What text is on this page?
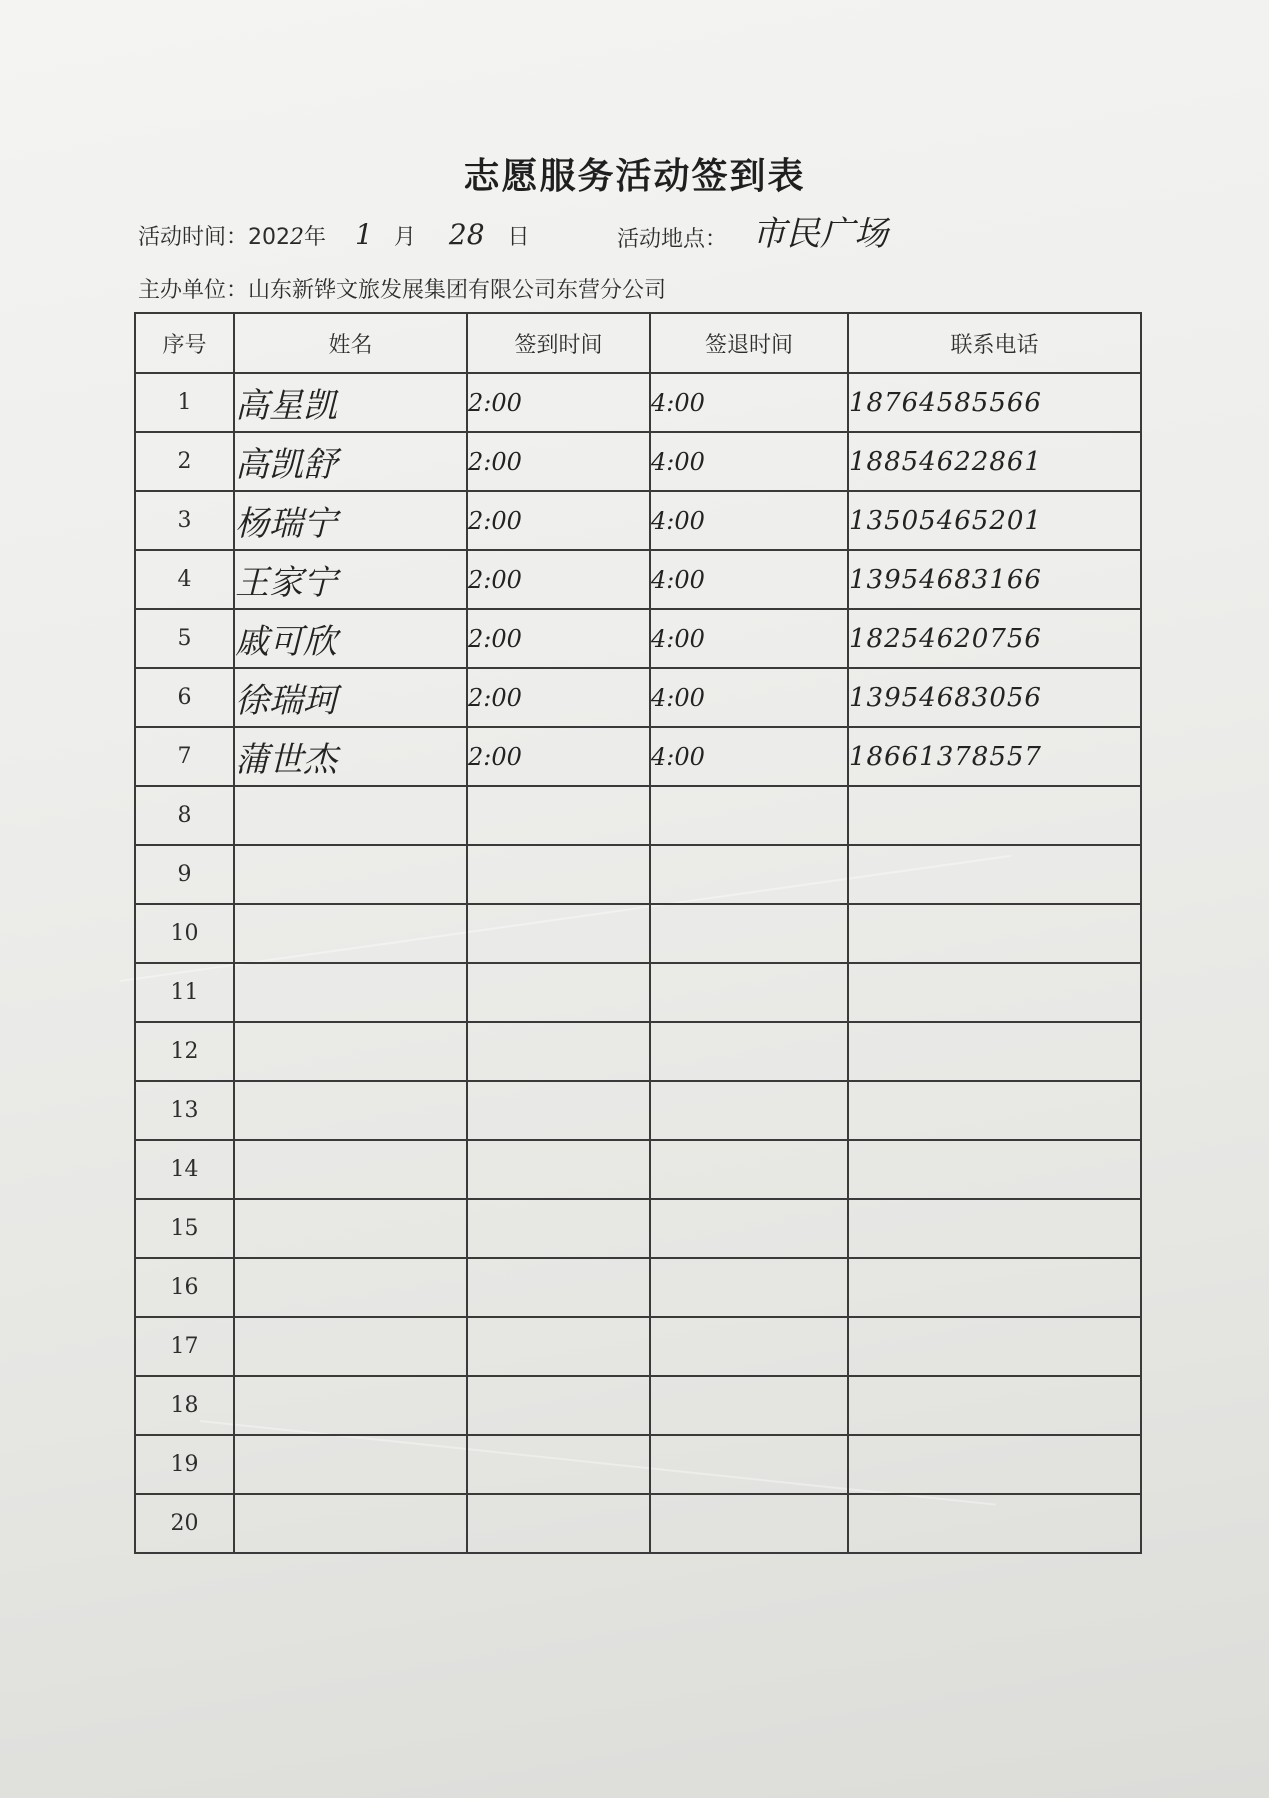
志愿服务活动签到表
活动时间：2022年 1 月 28 日	活动地点： 市民广场
主办单位：山东新铧文旅发展集团有限公司东营分公司
序号	姓名	签到时间	签退时间	联系电话
1	高星凯	2:00	4:00	18764585566
2	高凯舒	2:00	4:00	18854622861
3	杨瑞宁	2:00	4:00	13505465201
4	王家宁	2:00	4:00	13954683166
5	戚可欣	2:00	4:00	18254620756
6	徐瑞珂	2:00	4:00	13954683056
7	蒲世杰	2:00	4:00	18661378557
8				
9				
10				
11				
12				
13				
14				
15				
16				
17				
18				
19				
20				
